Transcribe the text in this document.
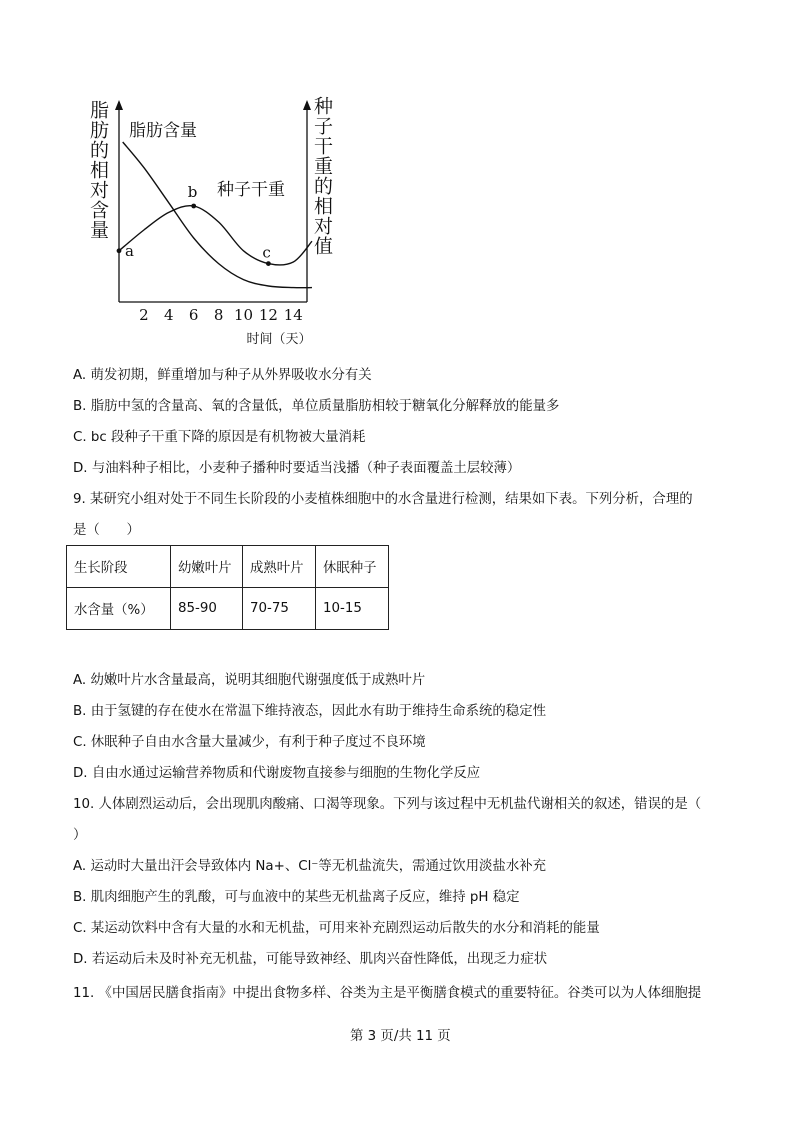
脂肪的相对含量	种子干重的相对值
2 4 6 8 10 12 14
时间（天）
脂肪含量
种子干重
a
b
c
A. 萌发初期，鲜重增加与种子从外界吸收水分有关
B. 脂肪中氢的含量高、氧的含量低，单位质量脂肪相较于糖氧化分解释放的能量多
C. bc 段种子干重下降的原因是有机物被大量消耗
D. 与油料种子相比，小麦种子播种时要适当浅播（种子表面覆盖土层较薄）
9. 某研究小组对处于不同生长阶段的小麦植株细胞中的水含量进行检测，结果如下表。下列分析，合理的
是（　　）
生长阶段	幼嫩叶片	成熟叶片	休眠种子
水含量（%）	85-90	70-75	10-15
A. 幼嫩叶片水含量最高，说明其细胞代谢强度低于成熟叶片
B. 由于氢键的存在使水在常温下维持液态，因此水有助于维持生命系统的稳定性
C. 休眠种子自由水含量大量减少，有利于种子度过不良环境
D. 自由水通过运输营养物质和代谢废物直接参与细胞的生物化学反应
10. 人体剧烈运动后，会出现肌肉酸痛、口渴等现象。下列与该过程中无机盐代谢相关的叙述，错误的是（
）
A. 运动时大量出汗会导致体内 Na+、Cl⁻等无机盐流失，需通过饮用淡盐水补充
B. 肌肉细胞产生的乳酸，可与血液中的某些无机盐离子反应，维持 pH 稳定
C. 某运动饮料中含有大量的水和无机盐，可用来补充剧烈运动后散失的水分和消耗的能量
D. 若运动后未及时补充无机盐，可能导致神经、肌肉兴奋性降低，出现乏力症状
11. 《中国居民膳食指南》中提出食物多样、谷类为主是平衡膳食模式的重要特征。谷类可以为人体细胞提
第 3 页/共 11 页
